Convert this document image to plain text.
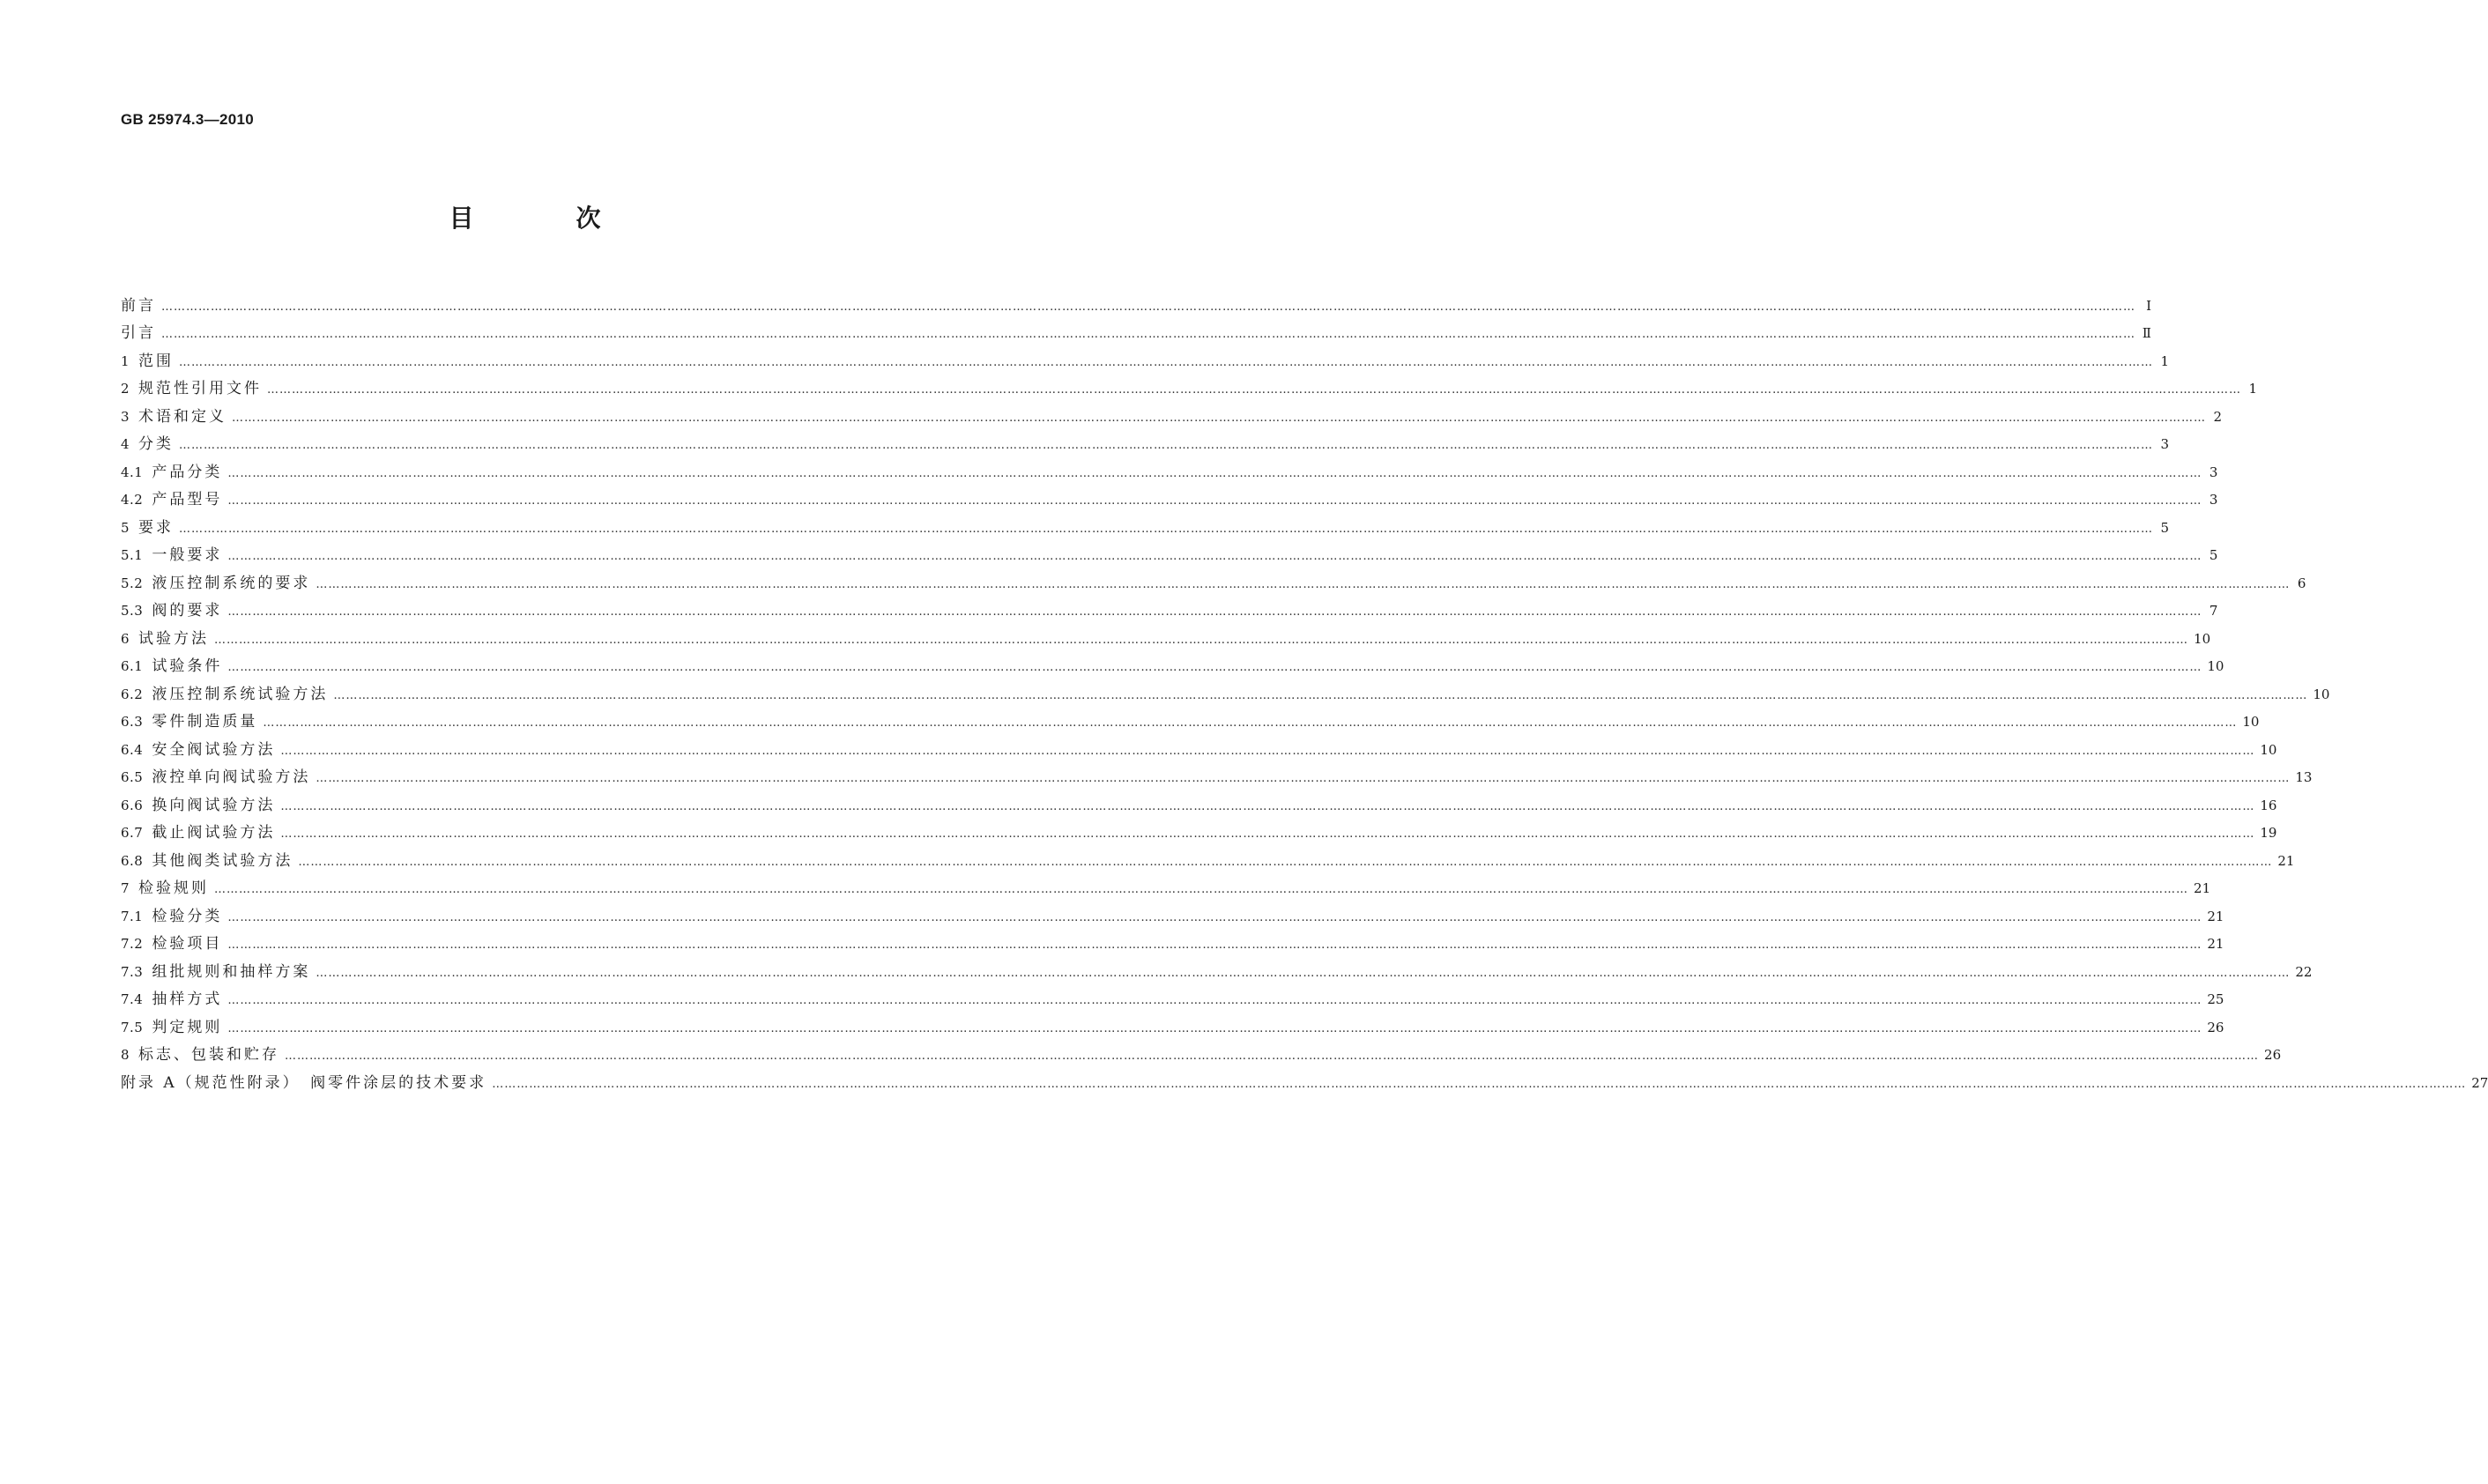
GB 25974.3—2010
目　次
前言 ………………………………………………………………………………………………………………………………………………………………………………………………………………………………………………………………………………………………………………………………………………………………………………………………………………………………………… Ⅰ
引言 ………………………………………………………………………………………………………………………………………………………………………………………………………………………………………………………………………………………………………………………………………………………………………………………………………………………………………… Ⅱ
1 范围 ………………………………………………………………………………………………………………………………………………………………………………………………………………………………………………………………………………………………………………………………………………………………………………………………………………………………………… 1
2 规范性引用文件 ………………………………………………………………………………………………………………………………………………………………………………………………………………………………………………………………………………………………………………………………………………………………………………………………………………………………………… 1
3 术语和定义 ………………………………………………………………………………………………………………………………………………………………………………………………………………………………………………………………………………………………………………………………………………………………………………………………………………………………………… 2
4 分类 ………………………………………………………………………………………………………………………………………………………………………………………………………………………………………………………………………………………………………………………………………………………………………………………………………………………………………… 3
4.1 产品分类 ………………………………………………………………………………………………………………………………………………………………………………………………………………………………………………………………………………………………………………………………………………………………………………………………………………………………………… 3
4.2 产品型号 ………………………………………………………………………………………………………………………………………………………………………………………………………………………………………………………………………………………………………………………………………………………………………………………………………………………………………… 3
5 要求 ………………………………………………………………………………………………………………………………………………………………………………………………………………………………………………………………………………………………………………………………………………………………………………………………………………………………………… 5
5.1 一般要求 ………………………………………………………………………………………………………………………………………………………………………………………………………………………………………………………………………………………………………………………………………………………………………………………………………………………………………… 5
5.2 液压控制系统的要求 ………………………………………………………………………………………………………………………………………………………………………………………………………………………………………………………………………………………………………………………………………………………………………………………………………………………………………… 6
5.3 阀的要求 ………………………………………………………………………………………………………………………………………………………………………………………………………………………………………………………………………………………………………………………………………………………………………………………………………………………………………… 7
6 试验方法 ………………………………………………………………………………………………………………………………………………………………………………………………………………………………………………………………………………………………………………………………………………………………………………………………………………………………………… 10
6.1 试验条件 ………………………………………………………………………………………………………………………………………………………………………………………………………………………………………………………………………………………………………………………………………………………………………………………………………………………………………… 10
6.2 液压控制系统试验方法 ………………………………………………………………………………………………………………………………………………………………………………………………………………………………………………………………………………………………………………………………………………………………………………………………………………………………………… 10
6.3 零件制造质量 ………………………………………………………………………………………………………………………………………………………………………………………………………………………………………………………………………………………………………………………………………………………………………………………………………………………………………… 10
6.4 安全阀试验方法 ………………………………………………………………………………………………………………………………………………………………………………………………………………………………………………………………………………………………………………………………………………………………………………………………………………………………………… 10
6.5 液控单向阀试验方法 ………………………………………………………………………………………………………………………………………………………………………………………………………………………………………………………………………………………………………………………………………………………………………………………………………………………………………… 13
6.6 换向阀试验方法 ………………………………………………………………………………………………………………………………………………………………………………………………………………………………………………………………………………………………………………………………………………………………………………………………………………………………………… 16
6.7 截止阀试验方法 ………………………………………………………………………………………………………………………………………………………………………………………………………………………………………………………………………………………………………………………………………………………………………………………………………………………………………… 19
6.8 其他阀类试验方法 ………………………………………………………………………………………………………………………………………………………………………………………………………………………………………………………………………………………………………………………………………………………………………………………………………………………………………… 21
7 检验规则 ………………………………………………………………………………………………………………………………………………………………………………………………………………………………………………………………………………………………………………………………………………………………………………………………………………………………………… 21
7.1 检验分类 ………………………………………………………………………………………………………………………………………………………………………………………………………………………………………………………………………………………………………………………………………………………………………………………………………………………………………… 21
7.2 检验项目 ………………………………………………………………………………………………………………………………………………………………………………………………………………………………………………………………………………………………………………………………………………………………………………………………………………………………………… 21
7.3 组批规则和抽样方案 ………………………………………………………………………………………………………………………………………………………………………………………………………………………………………………………………………………………………………………………………………………………………………………………………………………………………………… 22
7.4 抽样方式 ………………………………………………………………………………………………………………………………………………………………………………………………………………………………………………………………………………………………………………………………………………………………………………………………………………………………………… 25
7.5 判定规则 ………………………………………………………………………………………………………………………………………………………………………………………………………………………………………………………………………………………………………………………………………………………………………………………………………………………………………… 26
8 标志、包装和贮存 ………………………………………………………………………………………………………………………………………………………………………………………………………………………………………………………………………………………………………………………………………………………………………………………………………………………………………… 26
附录 A（规范性附录）　阀零件涂层的技术要求 ………………………………………………………………………………………………………………………………………………………………………………………………………………………………………………………………………………………………………………………………………………………………………………………………………………………………………… 27
